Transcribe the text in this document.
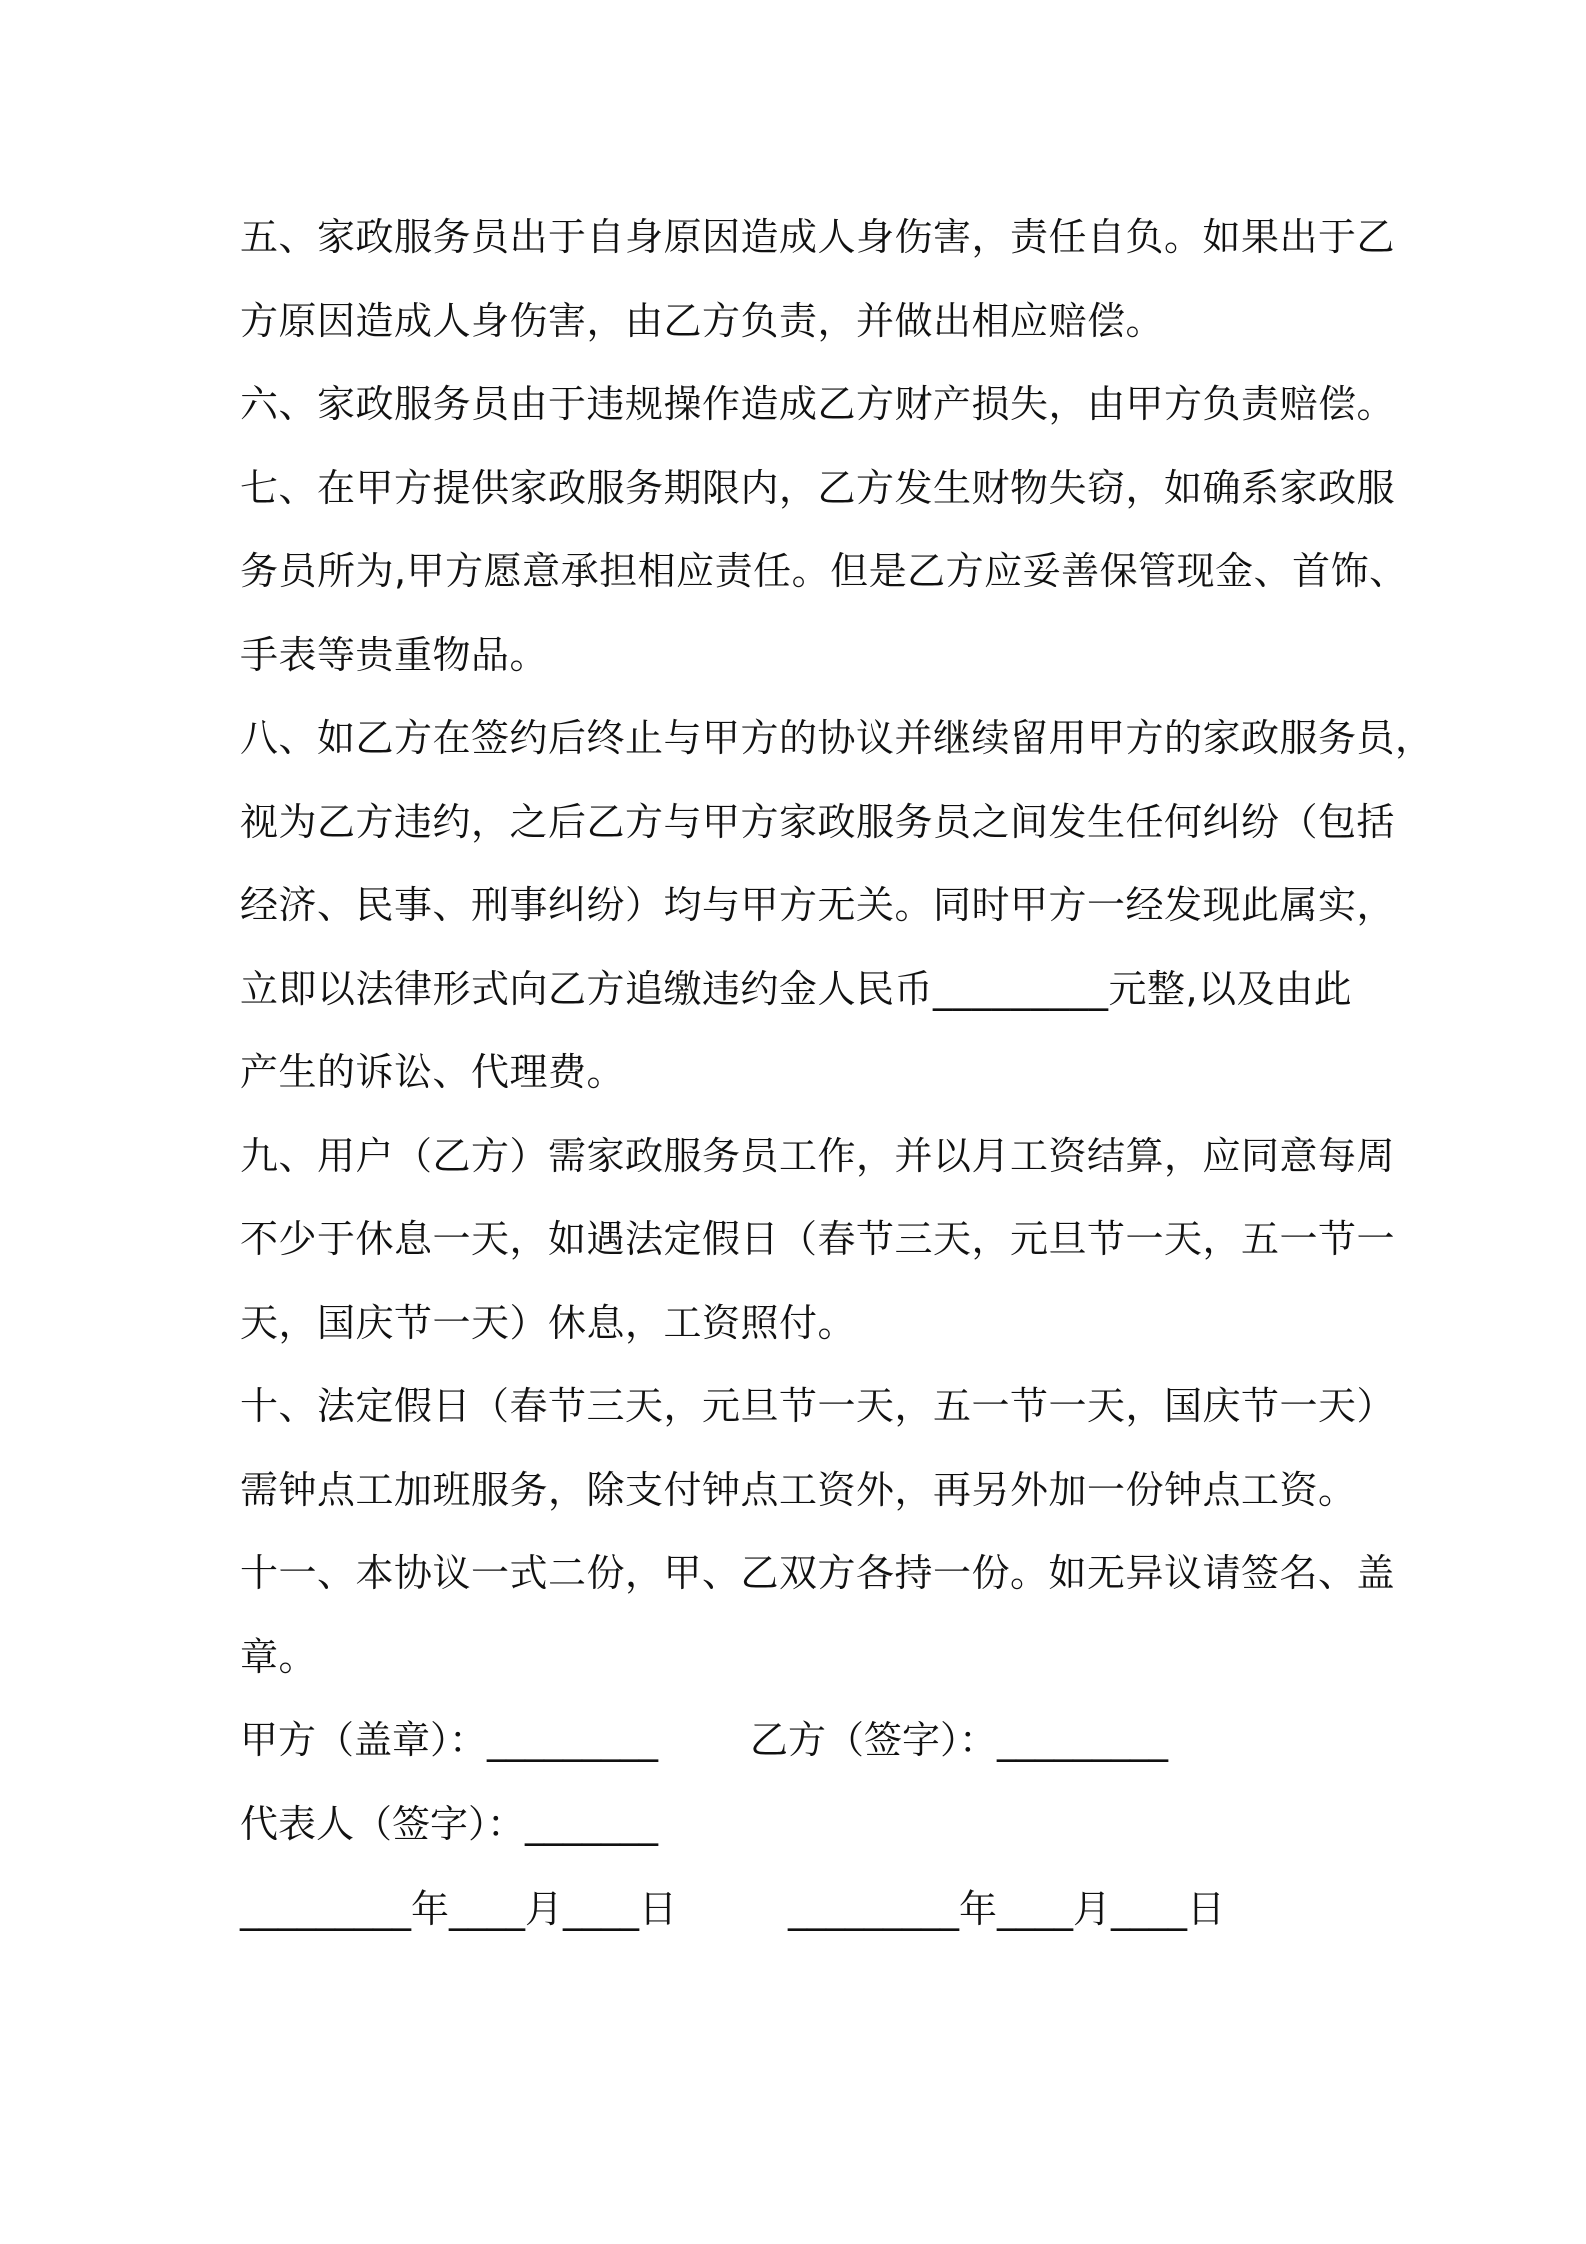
五、家政服务员出于自身原因造成人身伤害，责任自负。如果出于乙
方原因造成人身伤害，由乙方负责，并做出相应赔偿。
六、家政服务员由于违规操作造成乙方财产损失，由甲方负责赔偿。
七、在甲方提供家政服务期限内，乙方发生财物失窃，如确系家政服
务员所为,甲方愿意承担相应责任。但是乙方应妥善保管现金、首饰、
手表等贵重物品。
八、如乙方在签约后终止与甲方的协议并继续留用甲方的家政服务员，
视为乙方违约，之后乙方与甲方家政服务员之间发生任何纠纷（包括
经济、民事、刑事纠纷）均与甲方无关。同时甲方一经发现此属实，
立即以法律形式向乙方追缴违约金人民币_________元整,以及由此
产生的诉讼、代理费。
九、用户（乙方）需家政服务员工作，并以月工资结算，应同意每周
不少于休息一天，如遇法定假日（春节三天，元旦节一天，五一节一
天，国庆节一天）休息，工资照付。
十、法定假日（春节三天，元旦节一天，五一节一天，国庆节一天）
需钟点工加班服务，除支付钟点工资外，再另外加一份钟点工资。
十一、本协议一式二份，甲、乙双方各持一份。如无异议请签名、盖
章。
甲方（盖章）：_________ 乙方（签字）：_________
代表人（签字）：_______
_________年____月____日	_________年____月____日
